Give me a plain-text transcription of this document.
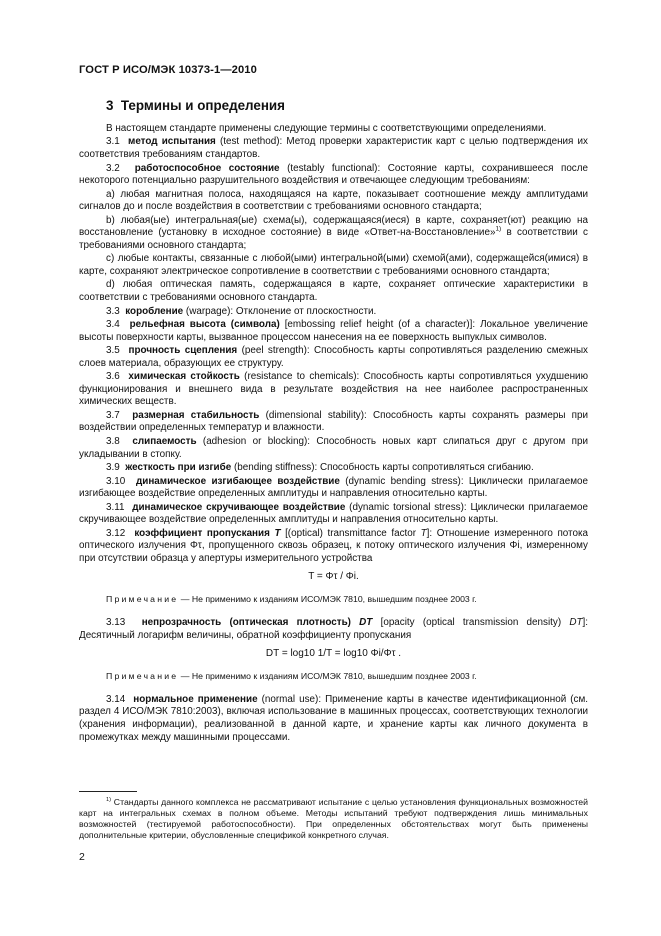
ГОСТ Р ИСО/МЭК 10373-1—2010
3 Термины и определения

В настоящем стандарте применены следующие термины с соответствующими определениями.

3.1 метод испытания (test method): Метод проверки характеристик карт с целью подтверждения их соответствия требованиям стандартов.

3.2 работоспособное состояние (testably functional): Состояние карты, сохранившееся после некоторого потенциально разрушительного воздействия и отвечающее следующим требованиям:

a) любая магнитная полоса, находящаяся на карте, показывает соотношение между амплитудами сигналов до и после воздействия в соответствии с требованиями основного стандарта;

b) любая(ые) интегральная(ые) схема(ы), содержащаяся(иеся) в карте, сохраняет(ют) реакцию на восстановление (установку в исходное состояние) в виде «Ответ-на-Восстановление»$^{1)}$ в соответствии с требованиями основного стандарта;

c) любые контакты, связанные с любой(ыми) интегральной(ыми) схемой(ами), содержащейся(имися) в карте, сохраняют электрическое сопротивление в соответствии с требованиями основного стандарта;

d) любая оптическая память, содержащаяся в карте, сохраняет оптические характеристики в соответствии с требованиями основного стандарта.

3.3 коробление (warpage): Отклонение от плоскостности.

3.4 рельефная высота (символа) [embossing relief height (of a character)]: Локальное увеличение высоты поверхности карты, вызванное процессом нанесения на ее поверхность выпуклых символов.

3.5 прочность сцепления (peel strength): Способность карты сопротивляться разделению смежных слоев материала, образующих ее структуру.

3.6 химическая стойкость (resistance to chemicals): Способность карты сопротивляться ухудшению функционирования и внешнего вида в результате воздействия на нее наиболее распространенных химических веществ.

3.7 размерная стабильность (dimensional stability): Способность карты сохранять размеры при воздействии определенных температур и влажности.

3.8 слипаемость (adhesion or blocking): Способность новых карт слипаться друг с другом при укладывании в стопку.

3.9 жесткость при изгибе (bending stiffness): Способность карты сопротивляться сгибанию.

3.10 динамическое изгибающее воздействие (dynamic bending stress): Циклически прилагаемое изгибающее воздействие определенных амплитуды и направления относительно карты.

3.11 динамическое скручивающее воздействие (dynamic torsional stress): Циклически прилагаемое скручивающее воздействие определенных амплитуды и направления относительно карты.

3.12 коэффициент пропускания T [(optical) transmittance factor T]: Отношение измеренного потока оптического излучения Φτ, пропущенного сквозь образец, к потоку оптического излучения Φi, измеренному при отсутствии образца у апертуры измерительного устройства

T = Φτ / Φi.

Примечание — Не применимо к изданиям ИСО/МЭК 7810, вышедшим позднее 2003 г.

3.13 непрозрачность (оптическая плотность) DT [opacity (optical transmission density) DT]: Десятичный логарифм величины, обратной коэффициенту пропускания

DT = log10 1/T = log10 Φi/Φτ .

Примечание — Не применимо к изданиям ИСО/МЭК 7810, вышедшим позднее 2003 г.

3.14 нормальное применение (normal use): Применение карты в качестве идентификационной (см. раздел 4 ИСО/МЭК 7810:2003), включая использование в машинных процессах, соответствующих технологии (хранения информации), реализованной в данной карте, и хранение карты как личного документа в промежутках между машинными процессами.

$^{1)}$ Стандарты данного комплекса не рассматривают испытание с целью установления функциональных возможностей карт на интегральных схемах в полном объеме. Методы испытаний требуют подтверждения лишь минимальных возможностей (тестируемой работоспособности). При определенных обстоятельствах могут быть применены дополнительные критерии, обусловленные спецификой конкретного случая.
2
